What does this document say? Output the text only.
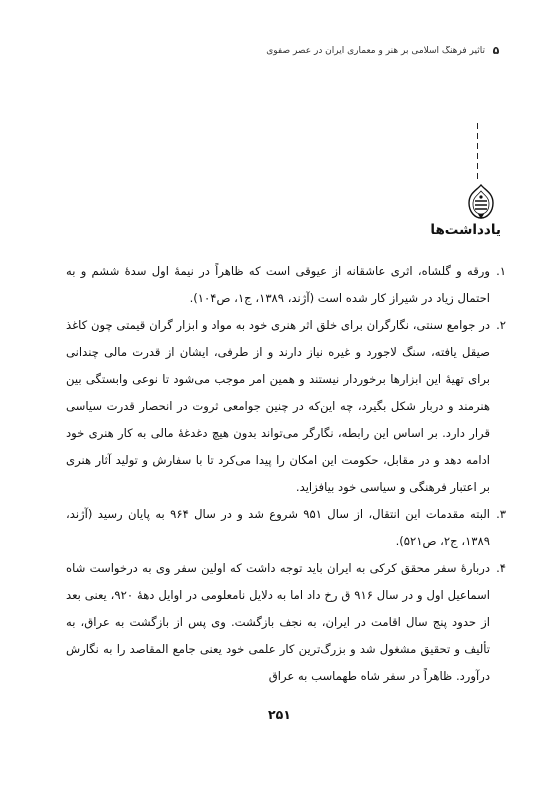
تاثیر فرهنگ اسلامی بر هنر و معماری ایران در عصر صفوی ۵
یادداشت‌ها
۱.
ورقه و گلشاه، اثری عاشقانه از عیوقی است که ظاهراً در نیمهٔ اول سدهٔ ششم و به احتمال زیاد در شیراز کار شده است (آژند، ۱۳۸۹، ج۱، ص۱۰۴).
۲.
در جوامع سنتی، نگارگران برای خلق اثر هنری خود به مواد و ابزار گران قیمتی چون کاغذ صیقل یافته، سنگ لاجورد و غیره نیاز دارند و از طرفی، ایشان از قدرت مالی چندانی برای تهیهٔ این ابزارها برخوردار نیستند و همین امر موجب می‌شود تا نوعی وابستگی بین هنرمند و دربار شکل بگیرد، چه این‌که در چنین جوامعی ثروت در انحصار قدرت سیاسی قرار دارد. بر اساس این رابطه، نگارگر می‌تواند بدون هیچ دغدغهٔ مالی به کار هنری خود ادامه دهد و در مقابل، حکومت این امکان را پیدا می‌کرد تا با سفارش و تولید آثار هنری بر اعتبار فرهنگی و سیاسی خود بیافزاید.
۳.
البته مقدمات این انتقال، از سال ۹۵۱ شروع شد و در سال ۹۶۴ به پایان رسید (آژند، ۱۳۸۹، ج۲، ص۵۲۱).
۴.
دربارهٔ سفر محقق کرکی به ایران باید توجه داشت که اولین سفر وی به درخواست شاه اسماعیل اول و در سال ۹۱۶ ق رخ داد اما به دلایل نامعلومی در اوایل دههٔ ۹۲۰، یعنی بعد از حدود پنج سال اقامت در ایران، به نجف بازگشت. وی پس از بازگشت به عراق، به تألیف و تحقیق مشغول شد و بزرگ‌ترین کار علمی خود یعنی جامع المقاصد را به نگارش درآورد. ظاهراً در سفر شاه طهماسب به عراق
۲۵۱
